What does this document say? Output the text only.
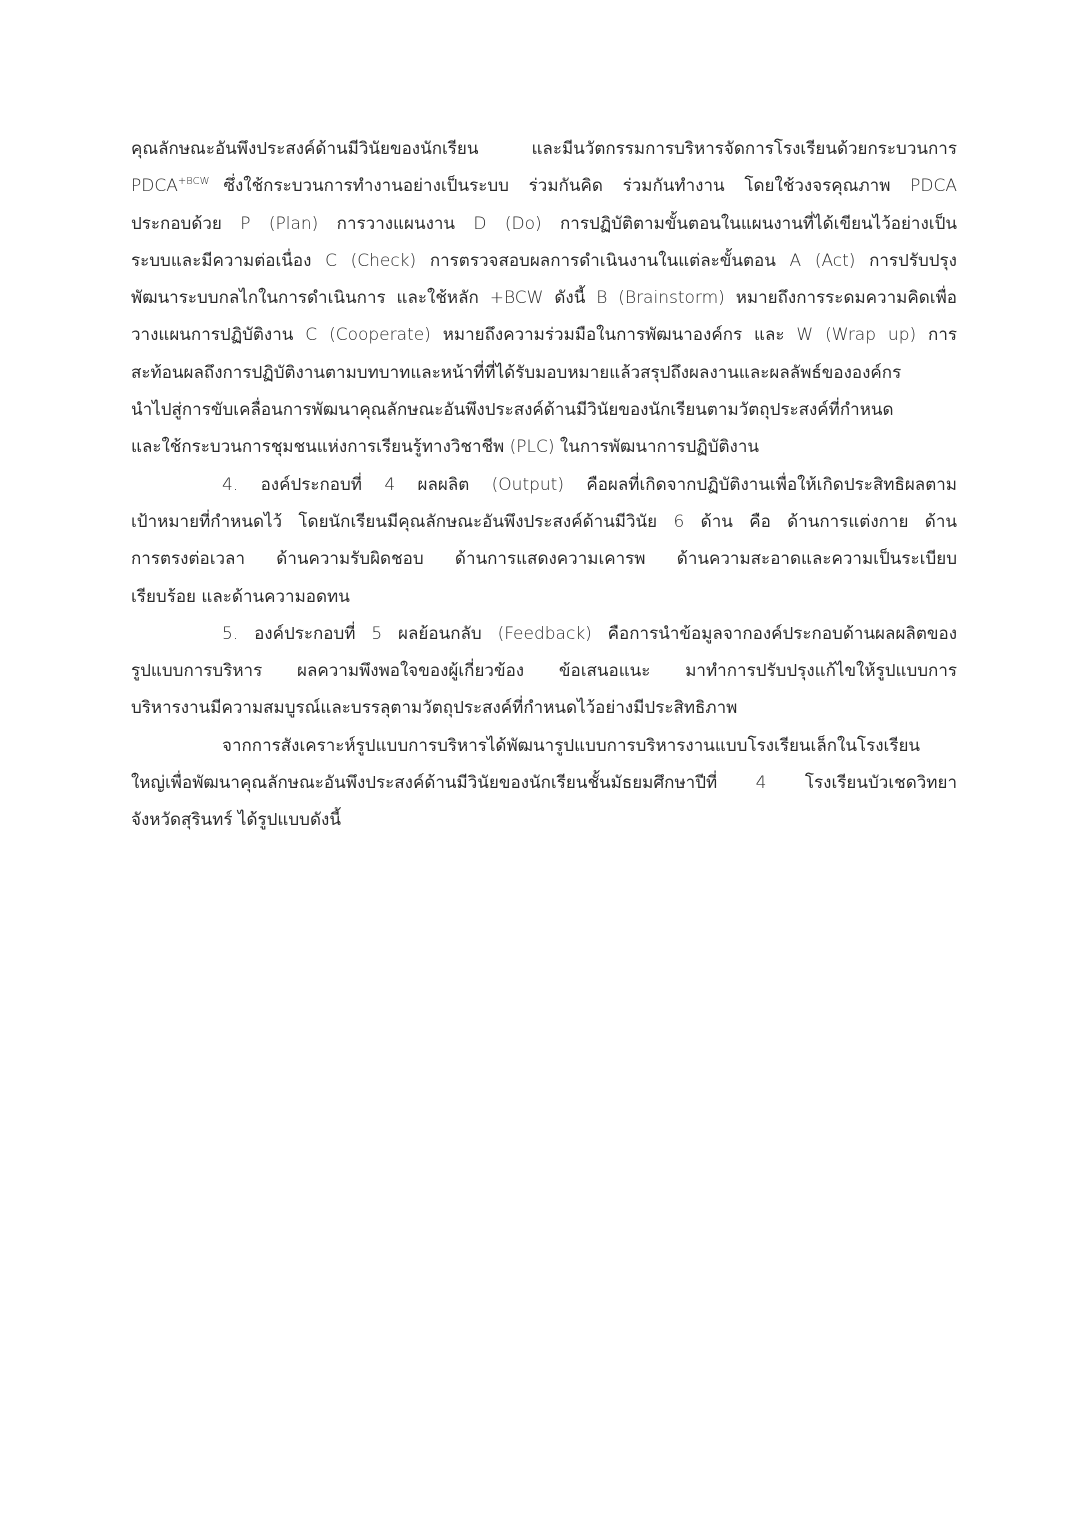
คุณลักษณะอันพึงประสงค์ด้านมีวินัยของนักเรียน และมีนวัตกรรมการบริหารจัดการโรงเรียนด้วยกระบวนการ
$PDCA^{+BCW}$ ซึ่งใช้กระบวนการทำงานอย่างเป็นระบบ ร่วมกันคิด ร่วมกันทำงาน โดยใช้วงจรคุณภาพ PDCA
ประกอบด้วย P (Plan) การวางแผนงาน D (Do) การปฏิบัติตามขั้นตอนในแผนงานที่ได้เขียนไว้อย่างเป็น
ระบบและมีความต่อเนื่อง C (Check) การตรวจสอบผลการดำเนินงานในแต่ละขั้นตอน A (Act) การปรับปรุง
พัฒนาระบบกลไกในการดำเนินการ และใช้หลัก +BCW ดังนี้ B (Brainstorm) หมายถึงการระดมความคิดเพื่อ
วางแผนการปฏิบัติงาน C (Cooperate) หมายถึงความร่วมมือในการพัฒนาองค์กร และ W (Wrap up) การ
สะท้อนผลถึงการปฏิบัติงานตามบทบาทและหน้าที่ที่ได้รับมอบหมายแล้วสรุปถึงผลงานและผลลัพธ์ขององค์กร
นำไปสู่การขับเคลื่อนการพัฒนาคุณลักษณะอันพึงประสงค์ด้านมีวินัยของนักเรียนตามวัตถุประสงค์ที่กำหนด
และใช้กระบวนการชุมชนแห่งการเรียนรู้ทางวิชาชีพ (PLC) ในการพัฒนาการปฏิบัติงาน
4. องค์ประกอบที่ 4 ผลผลิต (Output) คือผลที่เกิดจากปฏิบัติงานเพื่อให้เกิดประสิทธิผลตาม
เป้าหมายที่กำหนดไว้ โดยนักเรียนมีคุณลักษณะอันพึงประสงค์ด้านมีวินัย 6 ด้าน คือ ด้านการแต่งกาย ด้าน
การตรงต่อเวลา ด้านความรับผิดชอบ ด้านการแสดงความเคารพ ด้านความสะอาดและความเป็นระเบียบ
เรียบร้อย และด้านความอดทน
5. องค์ประกอบที่ 5 ผลย้อนกลับ (Feedback) คือการนำข้อมูลจากองค์ประกอบด้านผลผลิตของ
รูปแบบการบริหาร ผลความพึงพอใจของผู้เกี่ยวข้อง ข้อเสนอแนะ มาทำการปรับปรุงแก้ไขให้รูปแบบการ
บริหารงานมีความสมบูรณ์และบรรลุตามวัตถุประสงค์ที่กำหนดไว้อย่างมีประสิทธิภาพ
จากการสังเคราะห์รูปแบบการบริหารได้พัฒนารูปแบบการบริหารงานแบบโรงเรียนเล็กในโรงเรียน
ใหญ่เพื่อพัฒนาคุณลักษณะอันพึงประสงค์ด้านมีวินัยของนักเรียนชั้นมัธยมศึกษาปีที่ 4 โรงเรียนบัวเชดวิทยา
จังหวัดสุรินทร์ ได้รูปแบบดังนี้
